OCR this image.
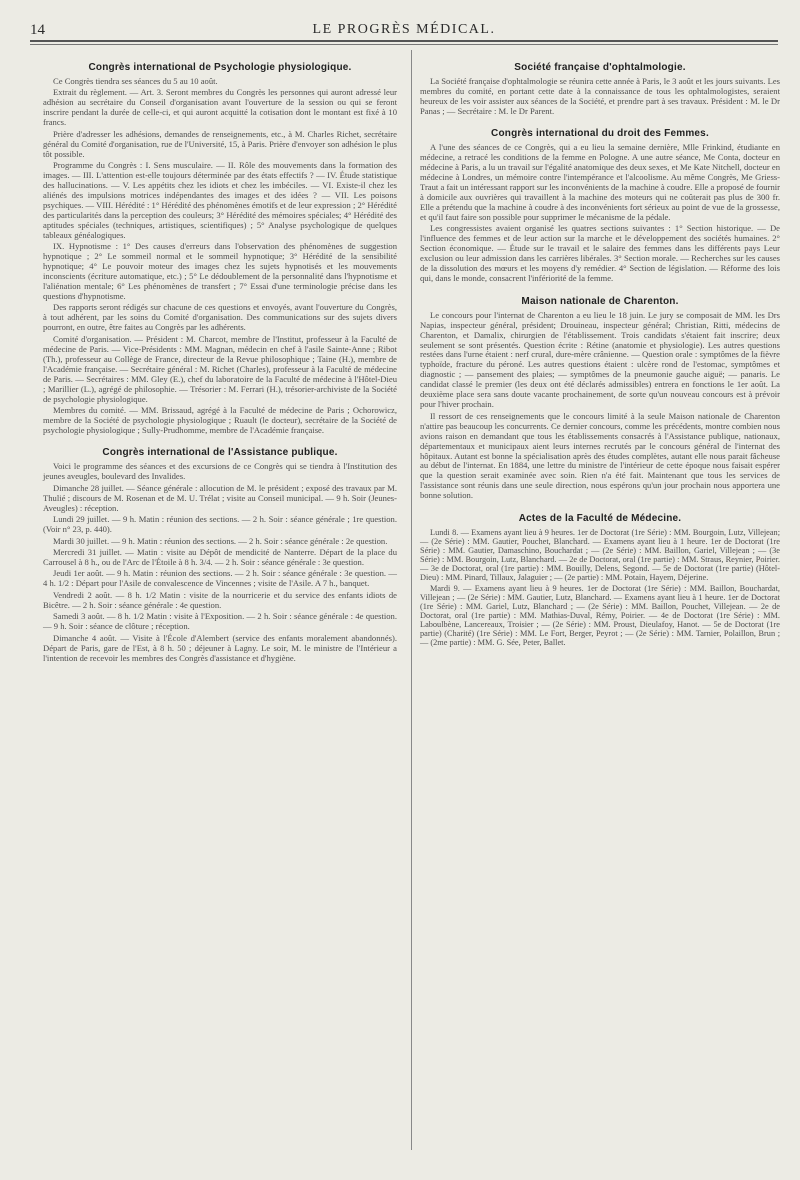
14	LE PROGRÈS MÉDICAL.
Congrès international de Psychologie physiologique.

Ce Congrès tiendra ses séances du 5 au 10 août.

Extrait du règlement. — Art. 3. Seront membres du Congrès les personnes qui auront adressé leur adhésion au secrétaire du Conseil d'organisation avant l'ouverture de la session ou qui se feront inscrire pendant la durée de celle-ci, et qui auront acquitté la cotisation dont le montant est fixé à 10 francs.

Prière d'adresser les adhésions, demandes de renseignements, etc., à M. Charles Richet, secrétaire général du Comité d'organisation, rue de l'Université, 15, à Paris. Prière d'envoyer son adhésion le plus tôt possible.

Programme du Congrès : I. Sens musculaire. — II. Rôle des mouvements dans la formation des images. — III. L'attention est-elle toujours déterminée par des états effectifs ? — IV. Étude statistique des hallucinations. — V. Les appétits chez les idiots et chez les imbéciles. — VI. Existe-il chez les aliénés des impulsions motrices indépendantes des images et des idées ? — VII. Les poisons psychiques. — VIII. Hérédité : 1° Hérédité des phénomènes émotifs et de leur expression ; 2° Hérédité des particularités dans la perception des couleurs; 3° Hérédité des mémoires spéciales; 4° Hérédité des aptitudes spéciales (techniques, artistiques, scientifiques) ; 5° Analyse psychologique de quelques tableaux généalogiques.

IX. Hypnotisme : 1° Des causes d'erreurs dans l'observation des phénomènes de suggestion hypnotique ; 2° Le sommeil normal et le sommeil hypnotique; 3° Hérédité de la sensibilité hypnotique; 4° Le pouvoir moteur des images chez les sujets hypnotisés et les mouvements inconscients (écriture automatique, etc.) ; 5° Le dédoublement de la personnalité dans l'hypnotisme et l'aliénation mentale; 6° Les phénomènes de transfert ; 7° Essai d'une terminologie précise dans les questions d'hypnotisme.

Des rapports seront rédigés sur chacune de ces questions et envoyés, avant l'ouverture du Congrès, à tout adhérent, par les soins du Comité d'organisation. Des communications sur des sujets divers pourront, en outre, être faites au Congrès par les adhérents.

Comité d'organisation. — Président : M. Charcot, membre de l'Institut, professeur à la Faculté de médecine de Paris. — Vice-Présidents : MM. Magnan, médecin en chef à l'asile Sainte-Anne ; Ribot (Th.), professeur au Collège de France, directeur de la Revue philosophique ; Taine (H.), membre de l'Académie française. — Secrétaire général : M. Richet (Charles), professeur à la Faculté de médecine de Paris. — Secrétaires : MM. Gley (E.), chef du laboratoire de la Faculté de médecine à l'Hôtel-Dieu ; Marillier (L.), agrégé de philosophie. — Trésorier : M. Ferrari (H.), trésorier-archiviste de la Société de psychologie physiologique.

Membres du comité. — MM. Brissaud, agrégé à la Faculté de médecine de Paris ; Ochorowicz, membre de la Société de psychologie physiologique ; Ruault (le docteur), secrétaire de la Société de psychologie physiologique ; Sully-Prudhomme, membre de l'Académie française.

Congrès international de l'Assistance publique.

Voici le programme des séances et des excursions de ce Congrès qui se tiendra à l'Institution des jeunes aveugles, boulevard des Invalides.

Dimanche 28 juillet. — Séance générale : allocution de M. le président ; exposé des travaux par M. Thulié ; discours de M. Rosenan et de M. U. Trélat ; visite au Conseil municipal. — 9 h. Soir (Jeunes-Aveugles) : réception.

Lundi 29 juillet. — 9 h. Matin : réunion des sections. — 2 h. Soir : séance générale ; 1re question. (Voir n° 23, p. 440).

Mardi 30 juillet. — 9 h. Matin : réunion des sections. — 2 h. Soir : séance générale : 2e question.

Mercredi 31 juillet. — Matin : visite au Dépôt de mendicité de Nanterre. Départ de la place du Carrousel à 8 h., ou de l'Arc de l'Étoile à 8 h. 3/4. — 2 h. Soir : séance générale : 3e question.

Jeudi 1er août. — 9 h. Matin : réunion des sections. — 2 h. Soir : séance générale : 3e question. — 4 h. 1/2 : Départ pour l'Asile de convalescence de Vincennes ; visite de l'Asile. A 7 h., banquet.

Vendredi 2 août. — 8 h. 1/2 Matin : visite de la nourricerie et du service des enfants idiots de Bicêtre. — 2 h. Soir : séance générale : 4e question.

Samedi 3 août. — 8 h. 1/2 Matin : visite à l'Exposition. — 2 h. Soir : séance générale : 4e question. — 9 h. Soir : séance de clôture ; réception.

Dimanche 4 août. — Visite à l'École d'Alembert (service des enfants moralement abandonnés). Départ de Paris, gare de l'Est, à 8 h. 50 ; déjeuner à Lagny. Le soir, M. le ministre de l'Intérieur a l'intention de recevoir les membres des Congrès d'assistance et d'hygiène.

Société française d'ophtalmologie.

La Société française d'ophtalmologie se réunira cette année à Paris, le 3 août et les jours suivants. Les membres du comité, en portant cette date à la connaissance de tous les ophtalmologistes, seraient heureux de les voir assister aux séances de la Société, et prendre part à ses travaux. Président : M. le Dr Panas ; — Secrétaire : M. le Dr Parent.

Congrès international du droit des Femmes.

A l'une des séances de ce Congrès, qui a eu lieu la semaine dernière, Mlle Frinkind, étudiante en médecine, a retracé les conditions de la femme en Pologne. A une autre séance, Me Conta, docteur en médecine à Paris, a lu un travail sur l'égalité anatomique des deux sexes, et Me Kate Nitchell, docteur en médecine à Londres, un mémoire contre l'intempérance et l'alcoolisme. Au même Congrès, Me Griess-Traut a fait un intéressant rapport sur les inconvénients de la machine à coudre. Elle a proposé de fournir à domicile aux ouvrières qui travaillent à la machine des moteurs qui ne coûterait pas plus de 300 fr. Elle a prétendu que la machine à coudre à des inconvénients fort sérieux au point de vue de la grossesse, et qu'il faut faire son possible pour supprimer le mécanisme de la pédale.

Les congressistes avaient organisé les quatres sections suivantes : 1° Section historique. — De l'influence des femmes et de leur action sur la marche et le développement des sociétés humaines. 2° Section économique. — Étude sur le travail et le salaire des femmes dans les différents pays Leur exclusion ou leur admission dans les carrières libérales. 3° Section morale. — Recherches sur les causes de la dissolution des mœurs et les moyens d'y remédier. 4° Section de législation. — Réforme des lois qui, dans le monde, consacrent l'infériorité de la femme.

Maison nationale de Charenton.

Le concours pour l'internat de Charenton a eu lieu le 18 juin. Le jury se composait de MM. les Drs Napias, inspecteur général, président; Drouineau, inspecteur général; Christian, Ritti, médecins de Charenton, et Damalix, chirurgien de l'établissement. Trois candidats s'étaient fait inscrire; deux seulement se sont présentés. Question écrite : Rétine (anatomie et physiologie). Les autres questions restées dans l'urne étaient : nerf crural, dure-mère crânienne. — Question orale : symptômes de la fièvre typhoïde, fracture du péroné. Les autres questions étaient : ulcère rond de l'estomac, symptômes et diagnostic ; — pansement des plaies; — symptômes de la pneumonie gauche aiguë; — panaris. Le candidat classé le premier (les deux ont été déclarés admissibles) entrera en fonctions le 1er août. La deuxième place sera sans doute vacante prochainement, de sorte qu'un nouveau concours est à prévoir pour l'hiver prochain.

Il ressort de ces renseignements que le concours limité à la seule Maison nationale de Charenton n'attire pas beaucoup les concurrents. Ce dernier concours, comme les précédents, montre combien nous avions raison en demandant que tous les établissements consacrés à l'Assistance publique, nationaux, départementaux et municipaux aient leurs internes recrutés par le concours général de l'internat des hôpitaux. Autant est bonne la spécialisation après des études complètes, autant elle nous parait fâcheuse au début de l'internat. En 1884, une lettre du ministre de l'intérieur de cette époque nous faisait espérer que la question serait examinée avec soin. Rien n'a été fait. Maintenant que tous les services de l'assistance sont réunis dans une seule direction, nous espérons qu'un jour prochain nous apportera une bonne solution.

Actes de la Faculté de Médecine.

Lundi 8. — Examens ayant lieu à 9 heures. 1er de Doctorat (1re Série) : MM. Bourgoin, Lutz, Villejean; — (2e Série) : MM. Gautier, Pouchet, Blanchard. — Examens ayant lieu à 1 heure. 1er de Doctorat (1re Série) : MM. Gautier, Damaschino, Bouchardat ; — (2e Série) : MM. Baillon, Gariel, Villejean ; — (3e Série) : MM. Bourgoin, Lutz, Blanchard. — 2e de Doctorat, oral (1re partie) : MM. Straus, Reynier, Poirier. — 3e de Doctorat, oral (1re partie) : MM. Bouilly, Delens, Segond. — 5e de Doctorat (1re partie) (Hôtel-Dieu) : MM. Pinard, Tillaux, Jalaguier ; — (2e partie) : MM. Potain, Hayem, Déjerine.

Mardi 9. — Examens ayant lieu à 9 heures. 1er de Doctorat (1re Série) : MM. Baillon, Bouchardat, Villejean ; — (2e Série) : MM. Gautier, Lutz, Blanchard. — Examens ayant lieu à 1 heure. 1er de Doctorat (1re Série) : MM. Gariel, Lutz, Blanchard ; — (2e Série) : MM. Baillon, Pouchet, Villejean. — 2e de Doctorat, oral (1re partie) : MM. Mathias-Duval, Rémy, Poirier. — 4e de Doctorat (1re Série) : MM. Laboulbène, Lancereaux, Troisier ; — (2e Série) : MM. Proust, Dieulafoy, Hanot. — 5e de Doctorat (1re partie) (Charité) (1re Série) : MM. Le Fort, Berger, Peyrot ; — (2e Série) : MM. Tarnier, Polaillon, Brun ; — (2me partie) : MM. G. Sée, Peter, Ballet.
